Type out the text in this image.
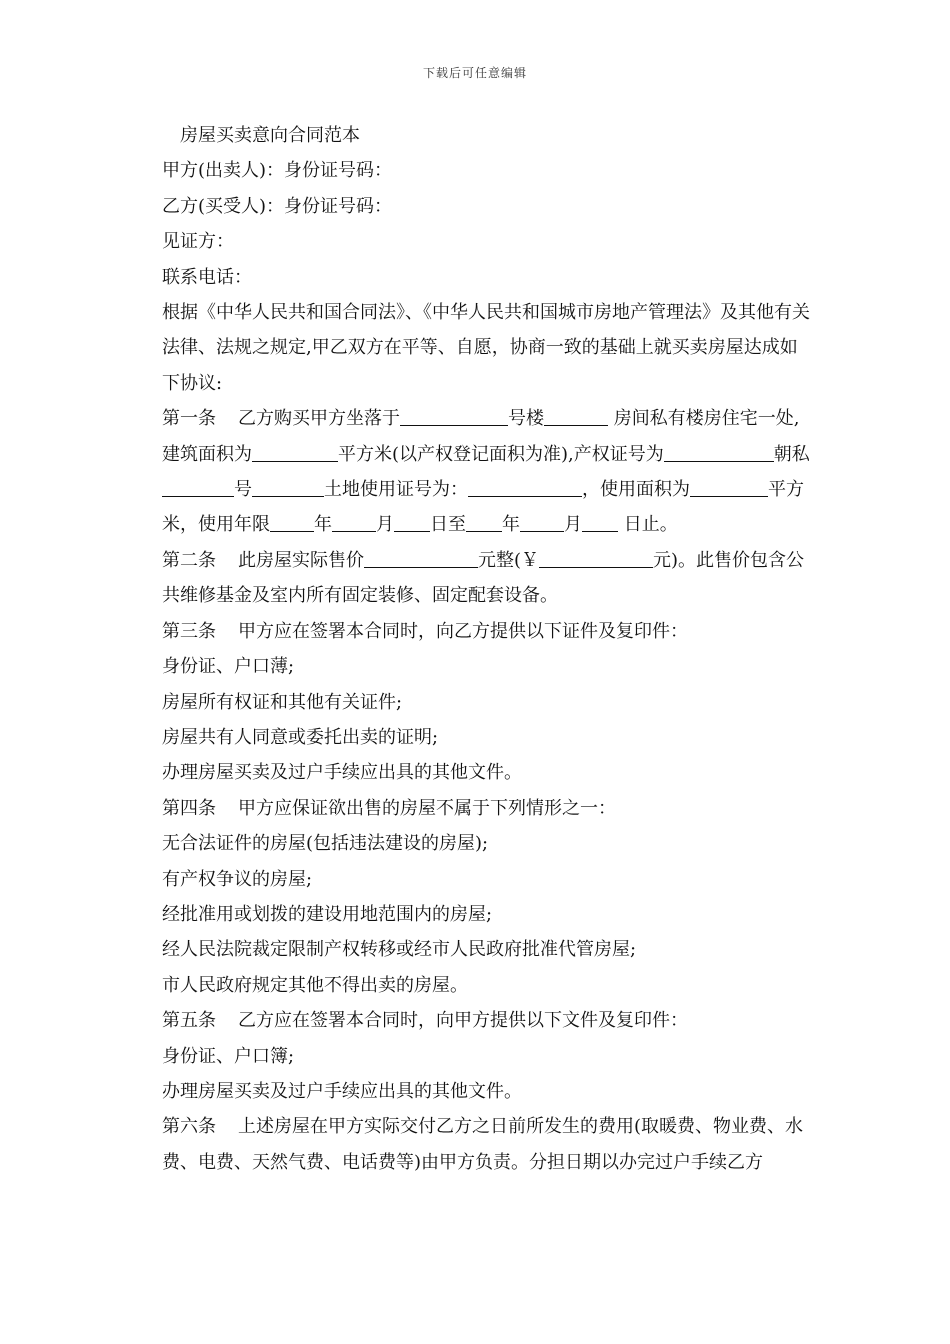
下载后可任意编辑

房屋买卖意向合同范本

甲方(出卖人)：身份证号码：

乙方(买受人)：身份证号码：

见证方：

联系电话：

根据《中华人民共和国合同法》、《中华人民共和国城市房地产管理法》及其他有关法律、法规之规定,甲乙双方在平等、自愿，协商一致的基础上就买卖房屋达成如下协议:

第一条 乙方购买甲方坐落于	号楼	房间私有楼房住宅一处,建筑面积为	平方米(以产权登记面积为准),产权证号为	朝私号	土地使用证号为：	，使用面积为	平方米，使用年限 年 月 日至 年 月 日止。

第二条 此房屋实际售价	元整(￥	元)。此售价包含公共维修基金及室内所有固定装修、固定配套设备。

第三条 甲方应在签署本合同时，向乙方提供以下证件及复印件：

身份证、户口薄;

房屋所有权证和其他有关证件;

房屋共有人同意或委托出卖的证明;

办理房屋买卖及过户手续应出具的其他文件。

第四条 甲方应保证欲出售的房屋不属于下列情形之一：

无合法证件的房屋(包括违法建设的房屋);

有产权争议的房屋;

经批准用或划拨的建设用地范围内的房屋;

经人民法院裁定限制产权转移或经市人民政府批准代管房屋;

市人民政府规定其他不得出卖的房屋。

第五条 乙方应在签署本合同时，向甲方提供以下文件及复印件：

身份证、户口簿;

办理房屋买卖及过户手续应出具的其他文件。

第六条 上述房屋在甲方实际交付乙方之日前所发生的费用(取暖费、物业费、水费、电费、天然气费、电话费等)由甲方负责。分担日期以办完过户手续乙方
